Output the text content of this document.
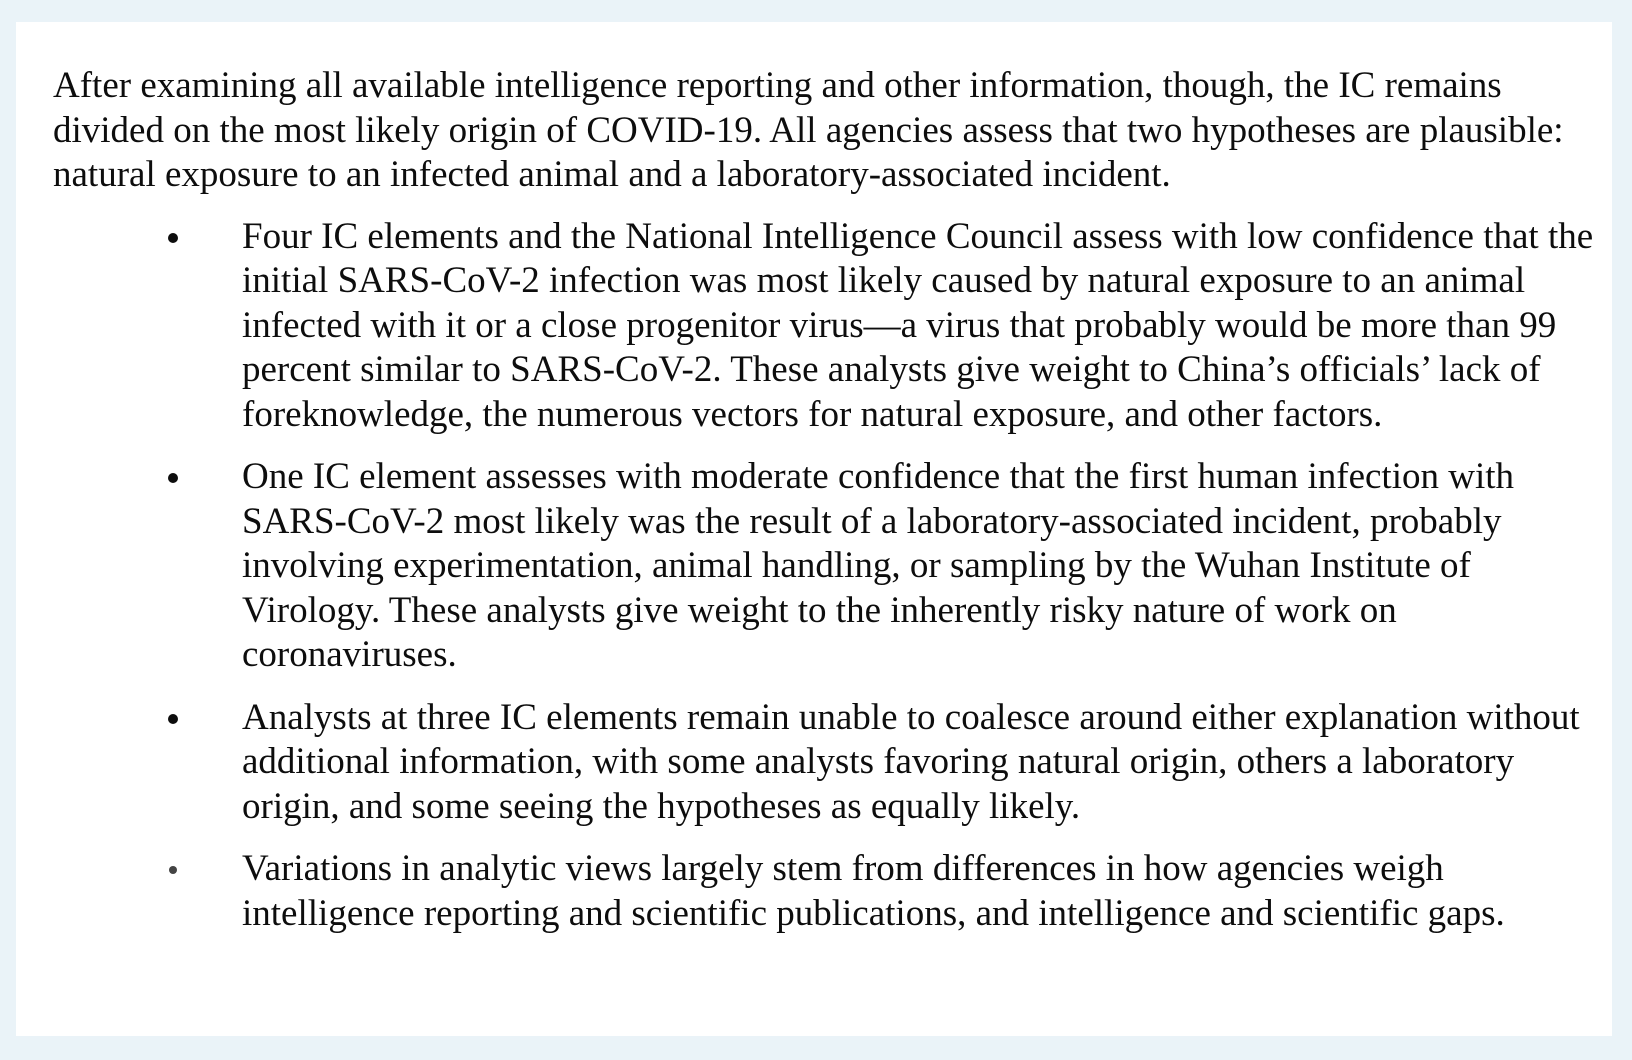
After examining all available intelligence reporting and other information, though, the IC remains divided on the most likely origin of COVID-19. All agencies assess that two hypotheses are plausible: natural exposure to an infected animal and a laboratory-associated incident.

Four IC elements and the National Intelligence Council assess with low confidence that the initial SARS-CoV-2 infection was most likely caused by natural exposure to an animal infected with it or a close progenitor virus—a virus that probably would be more than 99 percent similar to SARS-CoV-2. These analysts give weight to China’s officials’ lack of foreknowledge, the numerous vectors for natural exposure, and other factors.
One IC element assesses with moderate confidence that the first human infection with SARS-CoV-2 most likely was the result of a laboratory-associated incident, probably involving experimentation, animal handling, or sampling by the Wuhan Institute of Virology. These analysts give weight to the inherently risky nature of work on coronaviruses.
Analysts at three IC elements remain unable to coalesce around either explanation without additional information, with some analysts favoring natural origin, others a laboratory origin, and some seeing the hypotheses as equally likely.
Variations in analytic views largely stem from differences in how agencies weigh intelligence reporting and scientific publications, and intelligence and scientific gaps.
